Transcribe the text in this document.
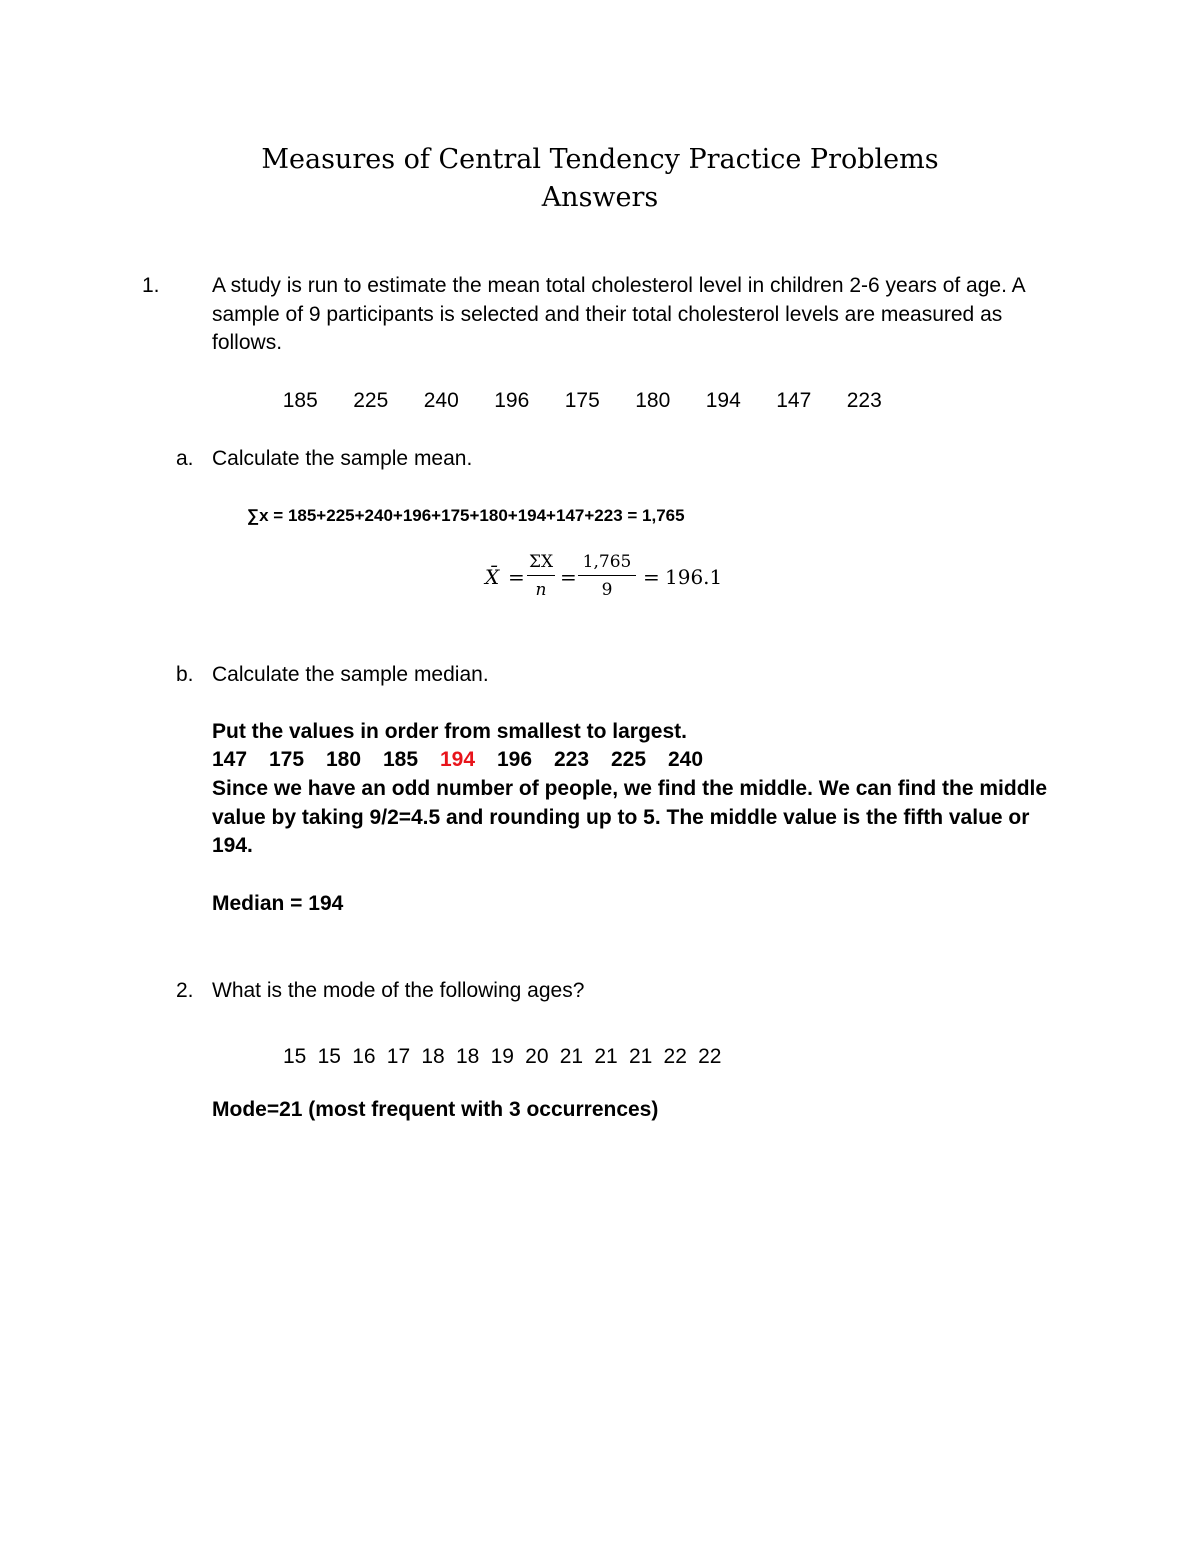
Measures of Central Tendency Practice Problems
Answers
1. A study is run to estimate the mean total cholesterol level in children 2-6 years of age. A
sample of 9 participants is selected and their total cholesterol levels are measured as
follows.
185	225	240	196	175	180	194	147	223
a. Calculate the sample mean.
∑x = 185+225+240+196+175+180+194+147+223 = 1,765
X̄ = $\frac{\Sigma X}{n} = \frac{1,765}{9} = 196.1$
b. Calculate the sample median.
Put the values in order from smallest to largest.
147	175	180	185	194	196	223	225	240
Since we have an odd number of people, we find the middle. We can find the middle
value by taking 9/2=4.5 and rounding up to 5. The middle value is the fifth value or
194.
Median = 194
2. What is the mode of the following ages?
15 15 16 17 18 18 19 20 21 21 21 22 22
Mode=21 (most frequent with 3 occurrences)
